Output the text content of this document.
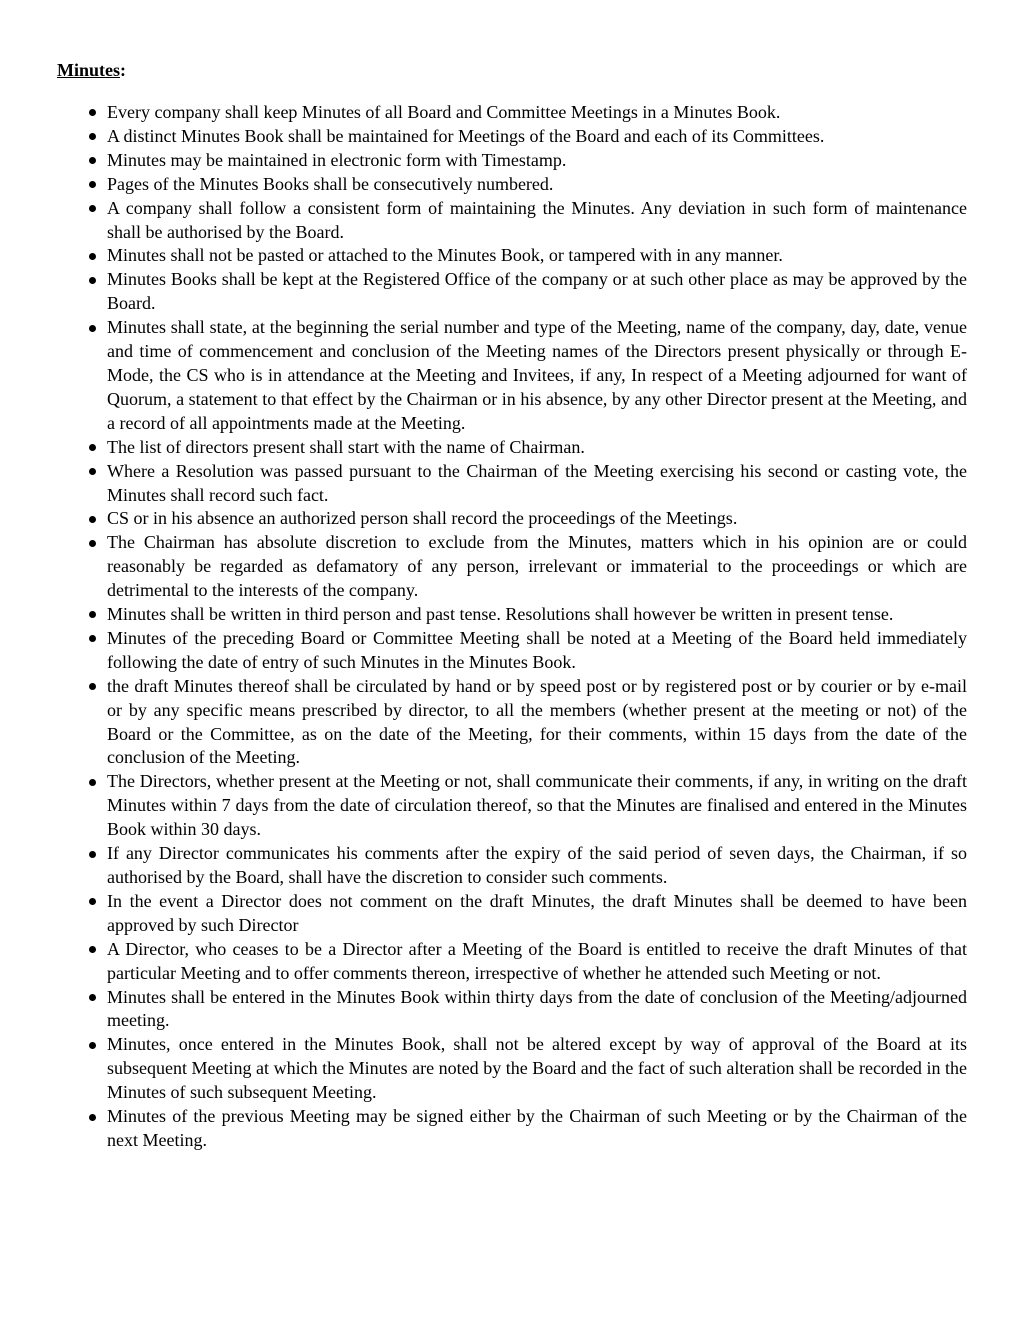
Minutes:
Every company shall keep Minutes of all Board and Committee Meetings in a Minutes Book.
A distinct Minutes Book shall be maintained for Meetings of the Board and each of its Committees.
Minutes may be maintained in electronic form with Timestamp.
Pages of the Minutes Books shall be consecutively numbered.
A company shall follow a consistent form of maintaining the Minutes. Any deviation in such form of maintenance shall be authorised by the Board.
Minutes shall not be pasted or attached to the Minutes Book, or tampered with in any manner.
Minutes Books shall be kept at the Registered Office of the company or at such other place as may be approved by the Board.
Minutes shall state, at the beginning the serial number and type of the Meeting, name of the company, day, date, venue and time of commencement and conclusion of the Meeting names of the Directors present physically or through E-Mode, the CS who is in attendance at the Meeting and Invitees, if any, In respect of a Meeting adjourned for want of Quorum, a statement to that effect by the Chairman or in his absence, by any other Director present at the Meeting, and a record of all appointments made at the Meeting.
The list of directors present shall start with the name of Chairman.
Where a Resolution was passed pursuant to the Chairman of the Meeting exercising his second or casting vote, the Minutes shall record such fact.
CS or in his absence an authorized person shall record the proceedings of the Meetings.
The Chairman has absolute discretion to exclude from the Minutes, matters which in his opinion are or could reasonably be regarded as defamatory of any person, irrelevant or immaterial to the proceedings or which are detrimental to the interests of the company.
Minutes shall be written in third person and past tense. Resolutions shall however be written in present tense.
Minutes of the preceding Board or Committee Meeting shall be noted at a Meeting of the Board held immediately following the date of entry of such Minutes in the Minutes Book.
the draft Minutes thereof shall be circulated by hand or by speed post or by registered post or by courier or by e-mail or by any specific means prescribed by director, to all the members (whether present at the meeting or not) of the Board or the Committee, as on the date of the Meeting, for their comments, within 15 days from the date of the conclusion of the Meeting.
The Directors, whether present at the Meeting or not, shall communicate their comments, if any, in writing on the draft Minutes within 7 days from the date of circulation thereof, so that the Minutes are finalised and entered in the Minutes Book within 30 days.
If any Director communicates his comments after the expiry of the said period of seven days, the Chairman, if so authorised by the Board, shall have the discretion to consider such comments.
In the event a Director does not comment on the draft Minutes, the draft Minutes shall be deemed to have been approved by such Director
A Director, who ceases to be a Director after a Meeting of the Board is entitled to receive the draft Minutes of that particular Meeting and to offer comments thereon, irrespective of whether he attended such Meeting or not.
Minutes shall be entered in the Minutes Book within thirty days from the date of conclusion of the Meeting/adjourned meeting.
Minutes, once entered in the Minutes Book, shall not be altered except by way of approval of the Board at its subsequent Meeting at which the Minutes are noted by the Board and the fact of such alteration shall be recorded in the Minutes of such subsequent Meeting.
Minutes of the previous Meeting may be signed either by the Chairman of such Meeting or by the Chairman of the next Meeting.
